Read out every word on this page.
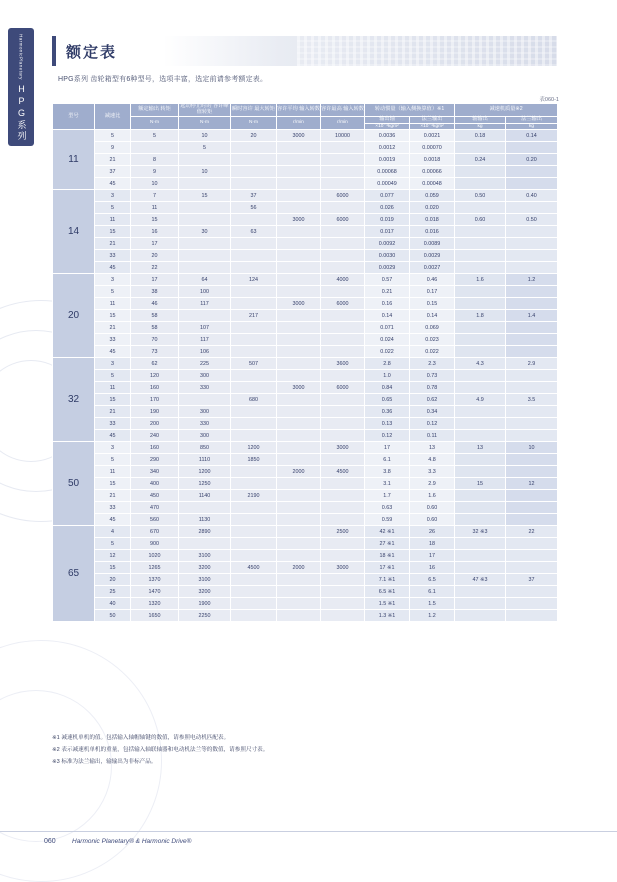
HarmonicPlanetary
HPG系列
额定表
HPG系列 齿轮箱型有6种型号，选项丰富，选定前请参考额定表。
表060-1
型号	减速比	额定输出 转矩	起动停止时的 容许峰值转矩	瞬时容许 最大转矩	容许平均 输入转数	容许最高 输入转数	转动惯量（输入侧换算值）※1		减速机质量※2	
		N·m	N·m	N·m	r/min	r/min	输出轴	法兰输出	轴输出	法兰输出
							×10⁻⁴kgm²	×10⁻⁴kgm²	kg	kg
11	5	5	10	20	3000	10000	0.0036	0.0021	0.18	0.14
	9		5				0.0012	0.00070		
	21	8					0.0019	0.0018	0.24	0.20
	37	9	10				0.00068	0.00066		
	45	10					0.00049	0.00048		
14	3	7	15	37		6000	0.077	0.059	0.50	0.40
	5	11		56			0.026	0.020		
	11	15			3000	6000	0.019	0.018	0.60	0.50
	15	16	30	63			0.017	0.016		
	21	17					0.0092	0.0089		
	33	20					0.0030	0.0029		
	45	22					0.0029	0.0027		
20	3	17	64	124		4000	0.57	0.46	1.6	1.2
	5	38	100				0.21	0.17		
	11	46	117		3000	6000	0.16	0.15		
	15	58		217			0.14	0.14	1.8	1.4
	21	58	107				0.071	0.069		
	33	70	117				0.024	0.023		
	45	73	106				0.022	0.022		
32	3	62	225	507		3600	2.8	2.3	4.3	2.9
	5	120	300				1.0	0.73		
	11	160	330		3000	6000	0.84	0.78		
	15	170		680			0.65	0.62	4.9	3.5
	21	190	300				0.36	0.34		
	33	200	330				0.13	0.12		
	45	240	300				0.12	0.11		
50	3	160	850	1200		3000	17	13	13	10
	5	290	1110	1850			6.1	4.8		
	11	340	1200		2000	4500	3.8	3.3		
	15	400	1250				3.1	2.9	15	12
	21	450	1140	2190			1.7	1.6		
	33	470					0.63	0.60		
	45	560	1130				0.59	0.60		
65	4	670	2890			2500	42 ※1	26	32 ※3	22
	5	900					27 ※1	18		
	12	1020	3100				18 ※1	17		
	15	1265	3200	4500	2000	3000	17 ※1	16		
	20	1370	3100				7.1 ※1	6.5	47 ※3	37
	25	1470	3200				6.5 ※1	6.1		
	40	1320	1900				1.5 ※1	1.5		
	50	1650	2250				1.3 ※1	1.2		
※1 减速机单机的值。包括输入轴帽轴键的数值，请参照电动机匹配表。
※2 表示减速机单机的重量，包括输入轴联轴器和电动机法兰等的数值，请参照尺寸表。
※3 标准为法兰输出，输输出为非标产品。
060	Harmonic Planetary® & Harmonic Drive®
